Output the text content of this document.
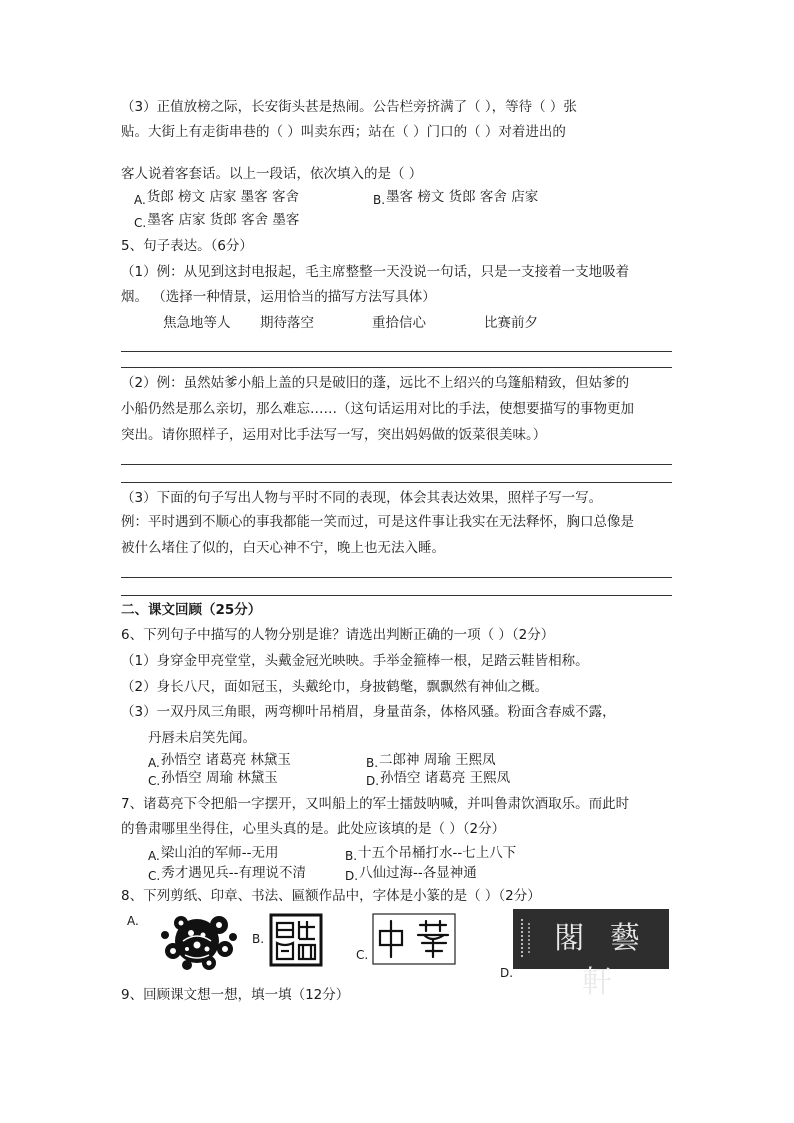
（3）正值放榜之际，长安街头甚是热闹。公告栏旁挤满了（ ），等待（ ）张
贴。大街上有走街串巷的（ ）叫卖东西；站在（ ）门口的（ ）对着进出的
客人说着客套话。以上一段话，依次填入的是（ ）
A.货郎 榜文 店家 墨客 客舍	B.墨客 榜文 货郎 客舍 店家
C.墨客 店家 货郎 客舍 墨客
5、句子表达。（6分）
（1）例：从见到这封电报起，毛主席整整一天没说一句话，只是一支接着一支地吸着
烟。 （选择一种情景，运用恰当的描写方法写具体）
焦急地等人 期待落空	重拾信心	比赛前夕
（2）例：虽然姑爹小船上盖的只是破旧的蓬，远比不上绍兴的乌篷船精致，但姑爹的
小船仍然是那么亲切，那么难忘……（这句话运用对比的手法，使想要描写的事物更加
突出。请你照样子，运用对比手法写一写，突出妈妈做的饭菜很美味。）
（3）下面的句子写出人物与平时不同的表现，体会其表达效果，照样子写一写。
例：平时遇到不顺心的事我都能一笑而过，可是这件事让我实在无法释怀，胸口总像是
被什么堵住了似的，白天心神不宁，晚上也无法入睡。
二、课文回顾（25分）
6、下列句子中描写的人物分别是谁？请选出判断正确的一项（ ）（2分）
（1）身穿金甲亮堂堂，头戴金冠光映映。手举金箍棒一根，足踏云鞋皆相称。
（2）身长八尺，面如冠玉，头戴纶巾，身披鹤氅，飘飘然有神仙之概。
（3）一双丹凤三角眼，两弯柳叶吊梢眉，身量苗条，体格风骚。粉面含春威不露，
丹唇未启笑先闻。
A.孙悟空 诸葛亮 林黛玉	B.二郎神 周瑜 王熙凤
C.孙悟空 周瑜 林黛玉	D.孙悟空 诸葛亮 王熙凤
7、诸葛亮下令把船一字摆开，又叫船上的军士擂鼓呐喊，并叫鲁肃饮酒取乐。而此时
的鲁肃哪里坐得住，心里头真的是。此处应该填的是（ ）（2分）
A.梁山泊的军师--无用	B.十五个吊桶打水--七上八下
C.秀才遇见兵--有理说不清	D.八仙过海--各显神通
8、下列剪纸、印章、书法、匾额作品中，字体是小篆的是（ ）（2分）
A.
B.
C.
D.
閣 藝 軒
9、回顾课文想一想，填一填（12分）
